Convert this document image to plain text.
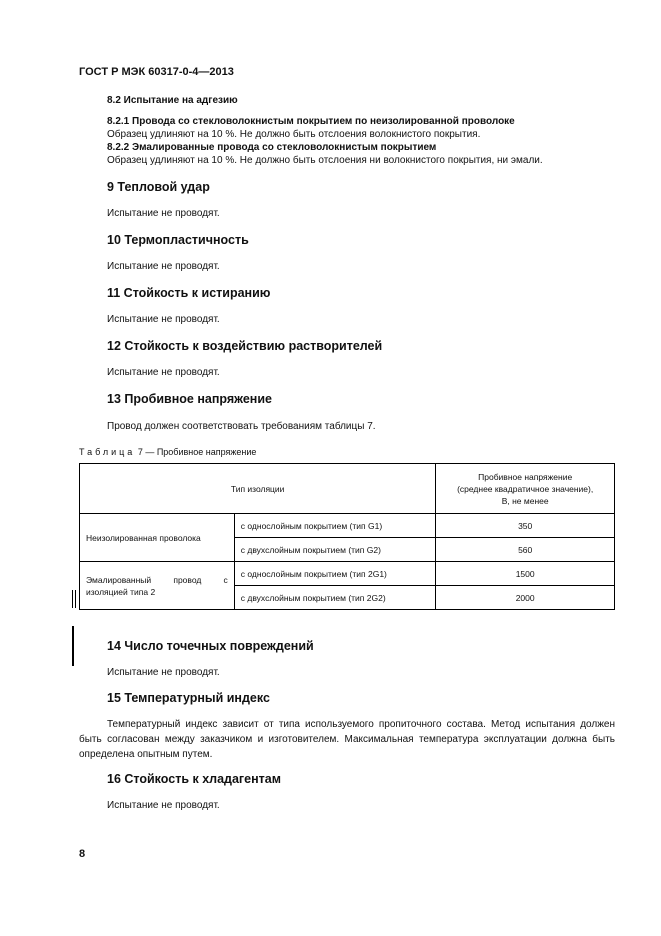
ГОСТ Р МЭК 60317-0-4—2013
8.2 Испытание на адгезию
8.2.1 Провода со стекловолокнистым покрытием по неизолированной проволоке
Образец удлиняют на 10 %. Не должно быть отслоения волокнистого покрытия.
8.2.2 Эмалированные провода со стекловолокнистым покрытием
Образец удлиняют на 10 %. Не должно быть отслоения ни волокнистого покрытия, ни эмали.
9 Тепловой удар
Испытание не проводят.
10 Термопластичность
Испытание не проводят.
11 Стойкость к истиранию
Испытание не проводят.
12 Стойкость к воздействию растворителей
Испытание не проводят.
13 Пробивное напряжение
Провод должен соответствовать требованиям таблицы 7.
Таблица 7 — Пробивное напряжение
Тип изоляции		Пробивное напряжение
(среднее квадратичное значение),
В, не менее
Неизолированная проволока	с однослойным покрытием (тип G1)	350
	с двухслойным покрытием (тип G2)	560
Эмалированный провод с изоляцией типа 2	с однослойным покрытием (тип 2G1)	1500
	с двухслойным покрытием (тип 2G2)	2000
14 Число точечных повреждений
Испытание не проводят.
15 Температурный индекс
Температурный индекс зависит от типа используемого пропиточного состава. Метод испытания должен быть согласован между заказчиком и изготовителем. Максимальная температура эксплуатации должна быть определена опытным путем.
16 Стойкость к хладагентам
Испытание не проводят.
8
